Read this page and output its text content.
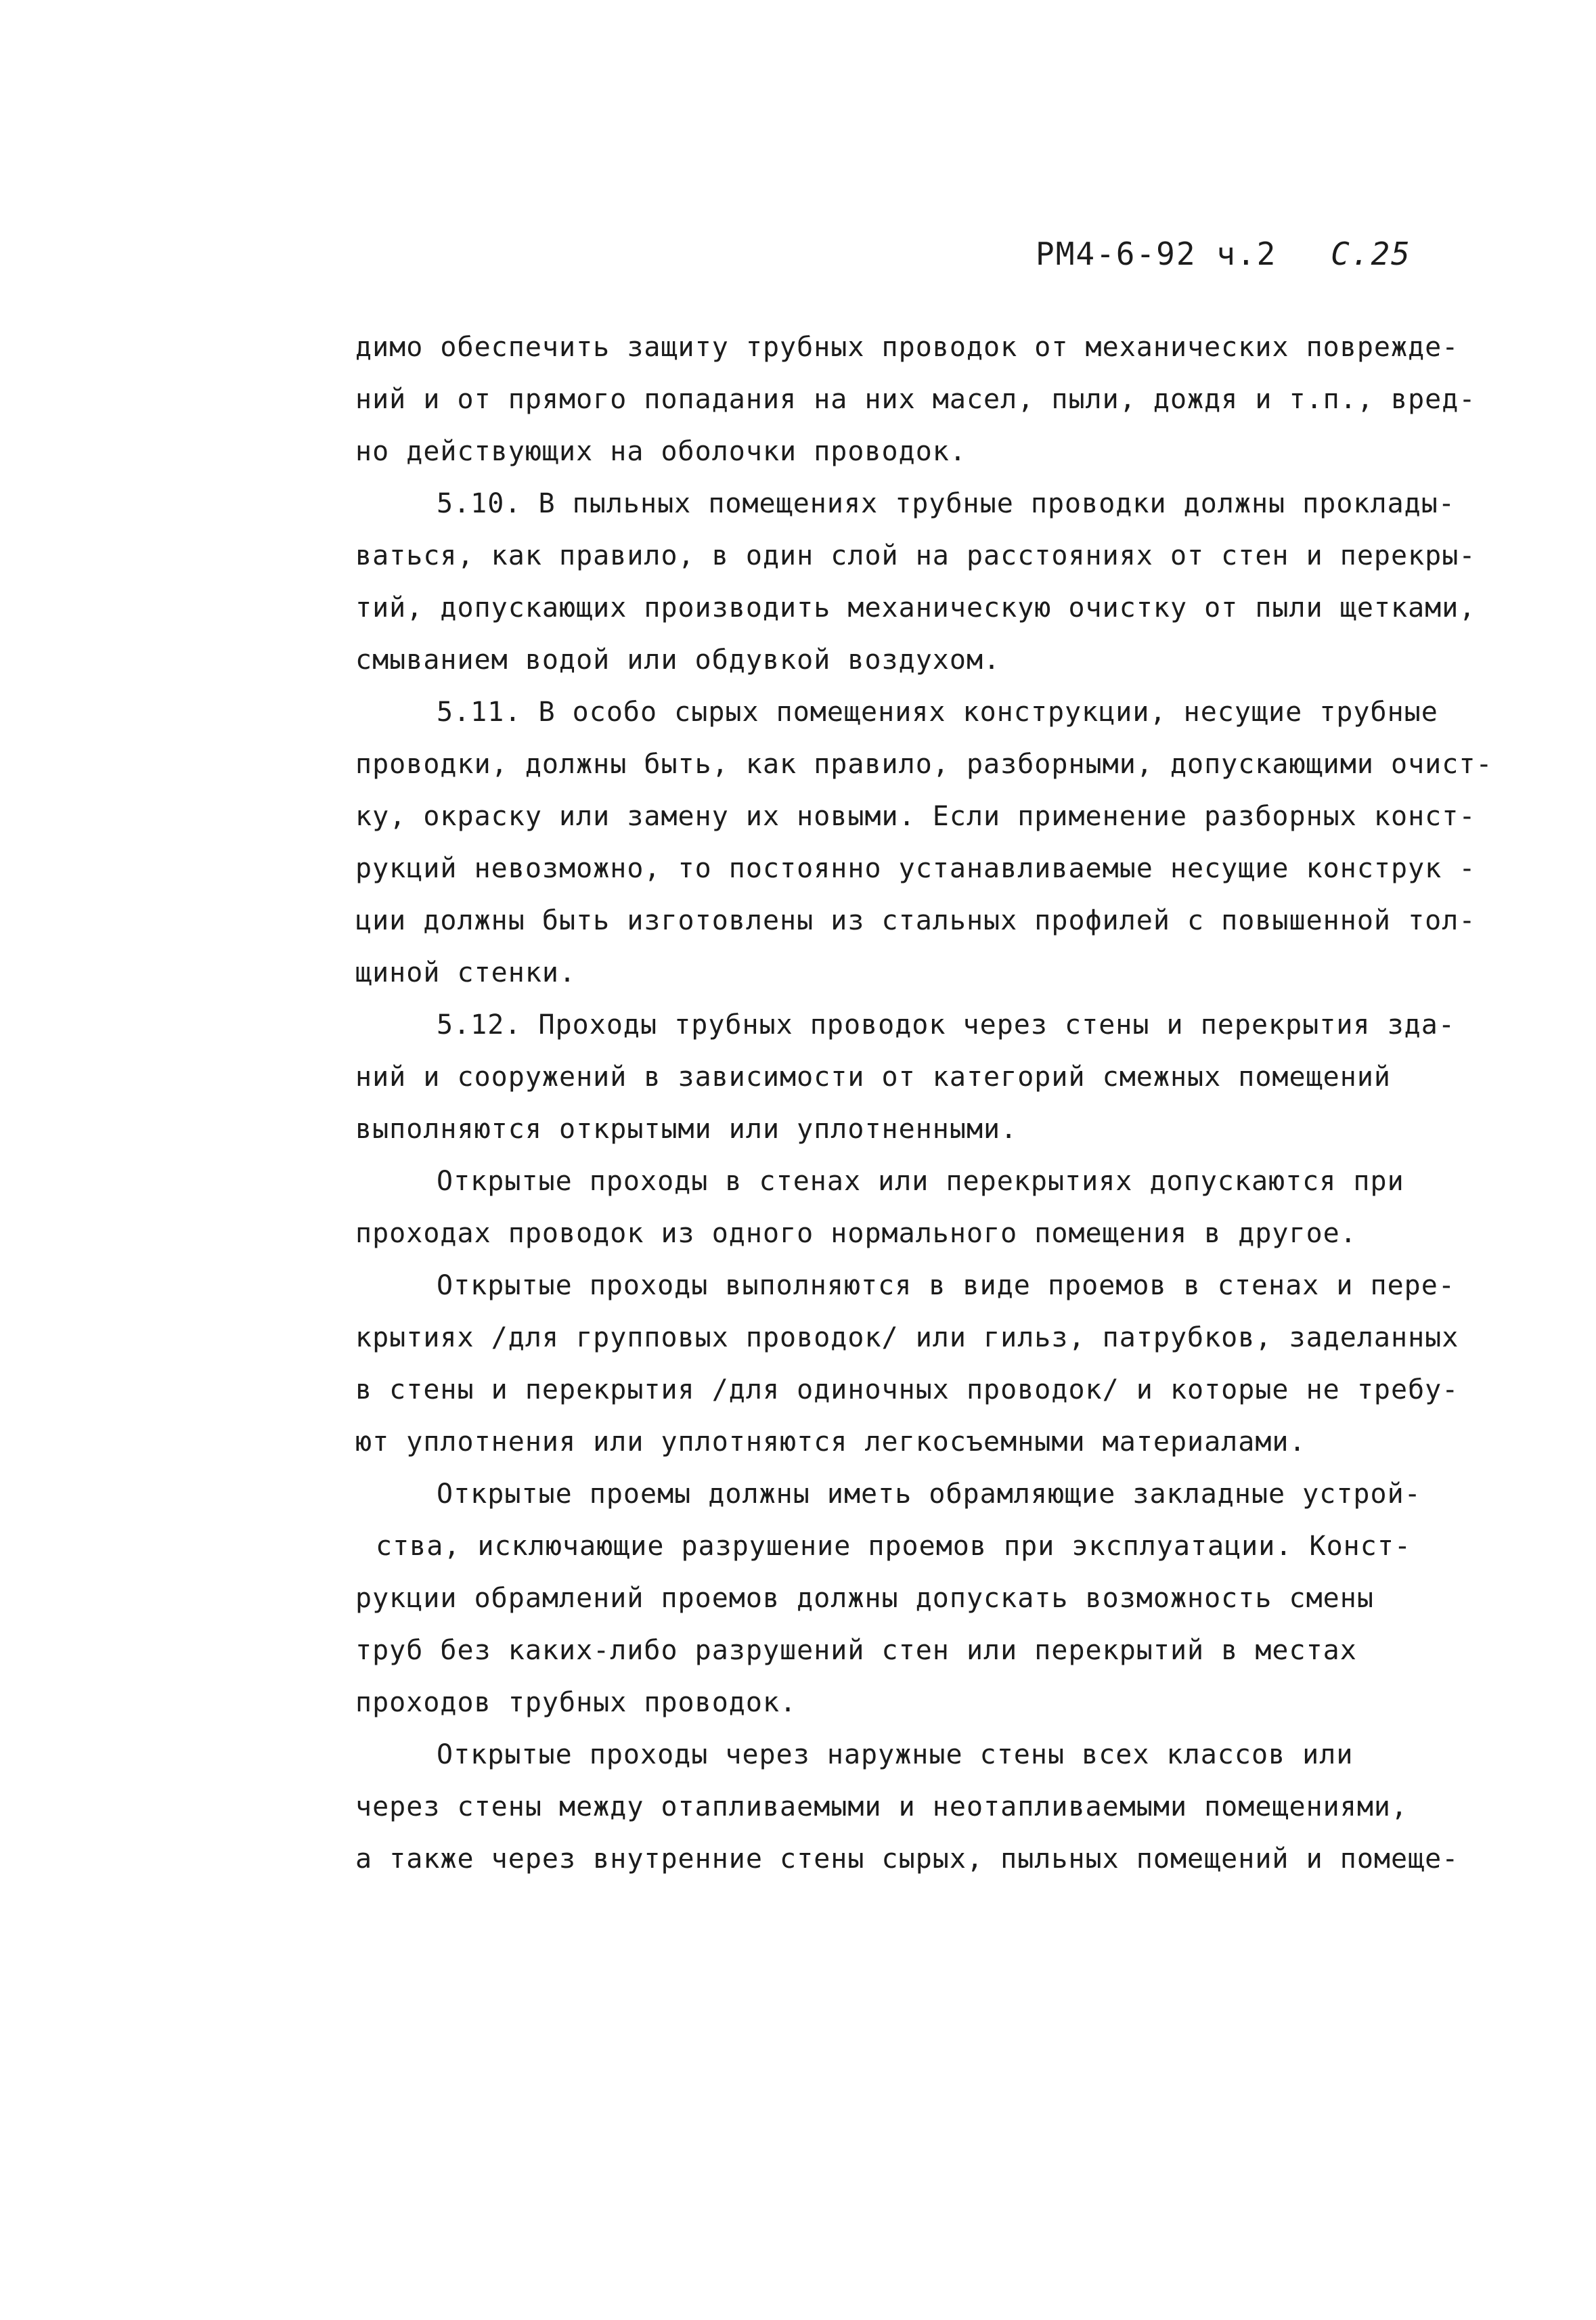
РМ4-6-92 ч.2 С.25
димо обеспечить защиту трубных проводок от механических поврежде-
ний и от прямого попадания на них масел, пыли, дождя и т.п., вред-
но действующих на оболочки проводок.
5.10. В пыльных помещениях трубные проводки должны проклады-
ваться, как правило, в один слой на расстояниях от стен и перекры-
тий, допускающих производить механическую очистку от пыли щетками,
смыванием водой или обдувкой воздухом.
5.11. В особо сырых помещениях конструкции, несущие трубные
проводки, должны быть, как правило, разборными, допускающими очист-
ку, окраску или замену их новыми. Если применение разборных конст-
рукций невозможно, то постоянно устанавливаемые несущие конструк -
ции должны быть изготовлены из стальных профилей с повышенной тол-
щиной стенки.
5.12. Проходы трубных проводок через стены и перекрытия зда-
ний и сооружений в зависимости от категорий смежных помещений
выполняются открытыми или уплотненными.
Открытые проходы в стенах или перекрытиях допускаются при
проходах проводок из одного нормального помещения в другое.
Открытые проходы выполняются в виде проемов в стенах и пере-
крытиях /для групповых проводок/ или гильз, патрубков, заделанных
в стены и перекрытия /для одиночных проводок/ и которые не требу-
ют уплотнения или уплотняются легкосъемными материалами.
Открытые проемы должны иметь обрамляющие закладные устрой-
ства, исключающие разрушение проемов при эксплуатации. Конст-
рукции обрамлений проемов должны допускать возможность смены
труб без каких-либо разрушений стен или перекрытий в местах
проходов трубных проводок.
Открытые проходы через наружные стены всех классов или
через стены между отапливаемыми и неотапливаемыми помещениями,
а также через внутренние стены сырых, пыльных помещений и помеще-
